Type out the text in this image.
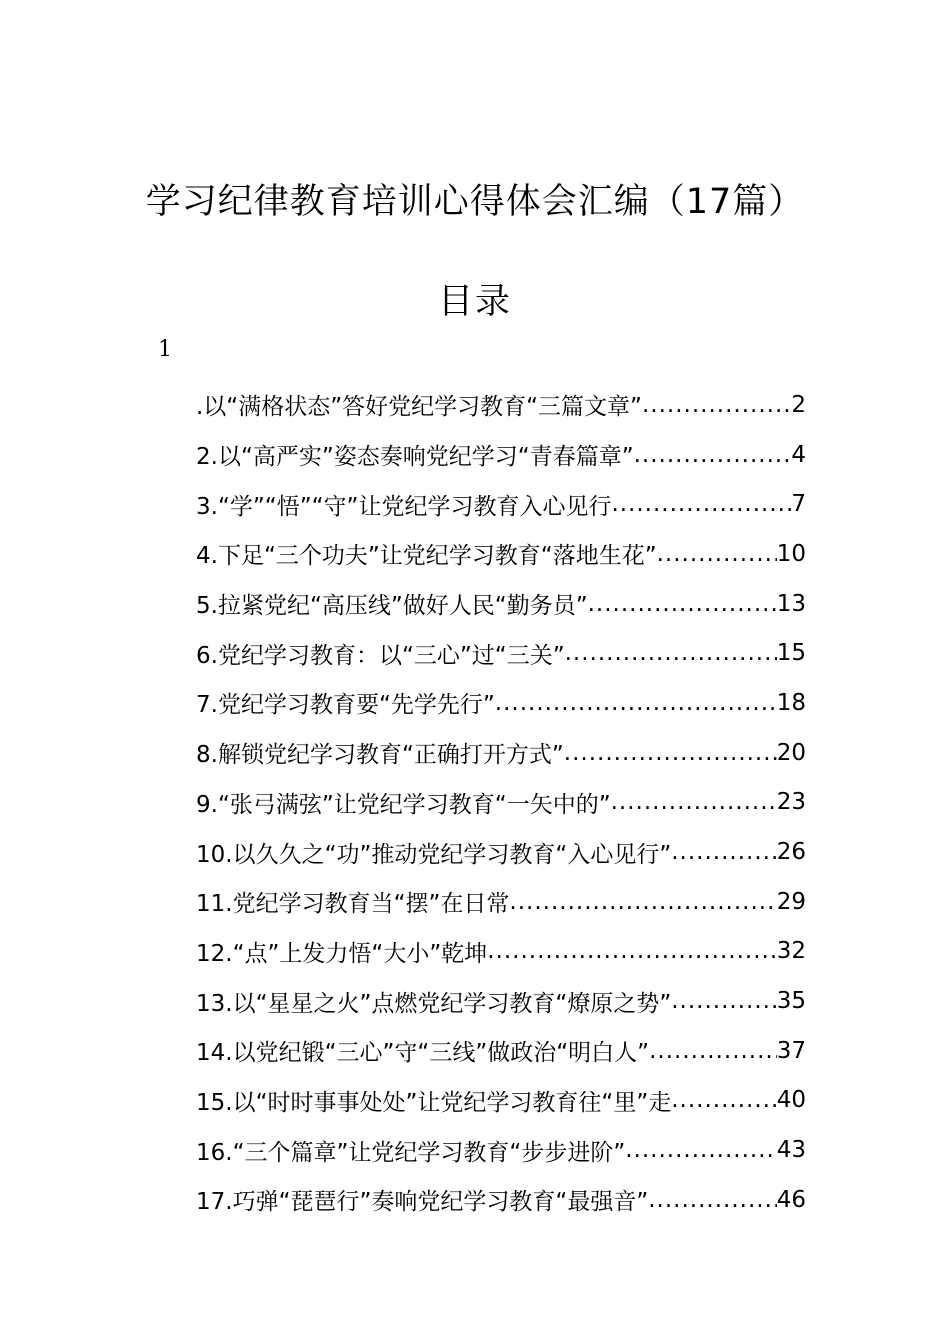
学习纪律教育培训心得体会汇编（17篇）
目录
1
.以“满格状态”答好党纪学习教育“三篇文章” .....	2
2.以“高严实”姿态奏响党纪学习“青春篇章” .....	4
3.“学”“悟”“守”让党纪学习教育入心见行 .....	7
4.下足“三个功夫”让党纪学习教育“落地生花” .....	10
5.拉紧党纪“高压线”做好人民“勤务员” .....	13
6.党纪学习教育：以“三心”过“三关” .....	15
7.党纪学习教育要“先学先行” .....	18
8.解锁党纪学习教育“正确打开方式” .....	20
9.“张弓满弦”让党纪学习教育“一矢中的” .....	23
10.以久久之“功”推动党纪学习教育“入心见行” .....	26
11.党纪学习教育当“摆”在日常 .....	29
12.“点”上发力悟“大小”乾坤 .....	32
13.以“星星之火”点燃党纪学习教育“燎原之势” .....	35
14.以党纪锻“三心”守“三线”做政治“明白人” .....	37
15.以“时时事事处处”让党纪学习教育往“里”走 .....	40
16.“三个篇章”让党纪学习教育“步步进阶” .....	43
17.巧弹“琵琶行”奏响党纪学习教育“最强音” .....	46
